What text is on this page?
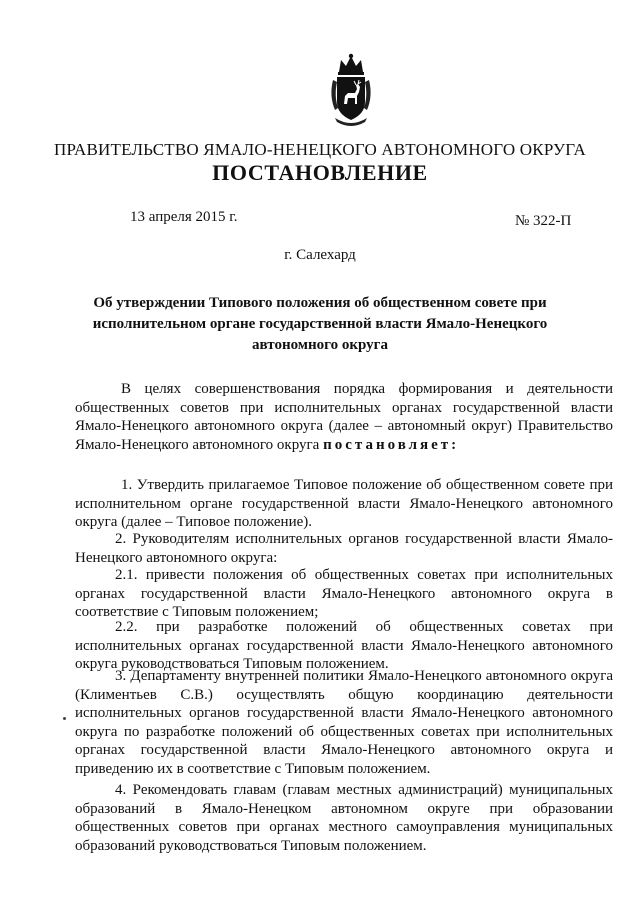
ПРАВИТЕЛЬСТВО ЯМАЛО-НЕНЕЦКОГО АВТОНОМНОГО ОКРУГА
ПОСТАНОВЛЕНИЕ
13 апреля 2015 г.	№ 322-П
г. Салехард
Об утверждении Типового положения об общественном совете при исполнительном органе государственной власти Ямало-Ненецкого автономного округа
В целях совершенствования порядка формирования и деятельности общественных советов при исполнительных органах государственной власти Ямало-Ненецкого автономного округа (далее – автономный округ) Правительство Ямало-Ненецкого автономного округа постановляет:
1. Утвердить прилагаемое Типовое положение об общественном совете при исполнительном органе государственной власти Ямало-Ненецкого автономного округа (далее – Типовое положение).
2. Руководителям исполнительных органов государственной власти Ямало-Ненецкого автономного округа:
2.1. привести положения об общественных советах при исполнительных органах государственной власти Ямало-Ненецкого автономного округа в соответствие с Типовым положением;
2.2. при разработке положений об общественных советах при исполнительных органах государственной власти Ямало-Ненецкого автономного округа руководствоваться Типовым положением.
3. Департаменту внутренней политики Ямало-Ненецкого автономного округа (Климентьев С.В.) осуществлять общую координацию деятельности исполнительных органов государственной власти Ямало-Ненецкого автономного округа по разработке положений об общественных советах при исполнительных органах государственной власти Ямало-Ненецкого автономного округа и приведению их в соответствие с Типовым положением.
4. Рекомендовать главам (главам местных администраций) муниципальных образований в Ямало-Ненецком автономном округе при образовании общественных советов при органах местного самоуправления муниципальных образований руководствоваться Типовым положением.
